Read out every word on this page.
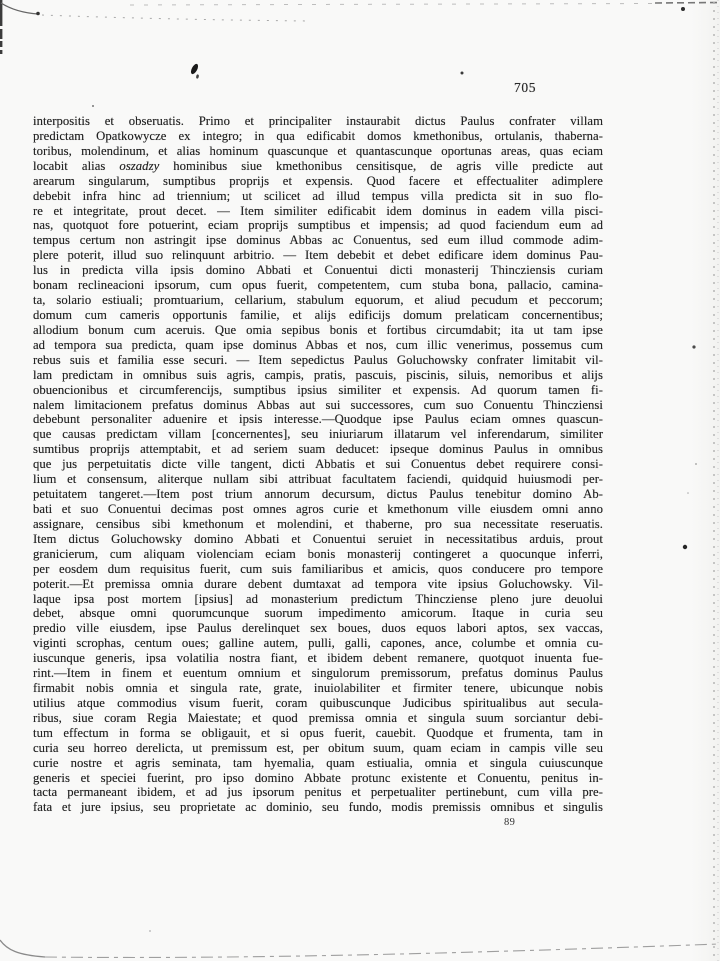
705
interpositis et obseruatis. Primo et principaliter instaurabit dictus Paulus confrater villam
predictam Opatkowycze ex integro; in qua edificabit domos kmethonibus, ortulanis, thaberna-
toribus, molendinum, et alias hominum quascunque et quantascunque oportunas areas, quas eciam
locabit alias oszadzy hominibus siue kmethonibus censitisque, de agris ville predicte aut
arearum singularum, sumptibus proprijs et expensis. Quod facere et effectualiter adimplere
debebit infra hinc ad triennium; ut scilicet ad illud tempus villa predicta sit in suo flo-
re et integritate, prout decet. — Item similiter edificabit idem dominus in eadem villa pisci-
nas, quotquot fore potuerint, eciam proprijs sumptibus et impensis; ad quod faciendum eum ad
tempus certum non astringit ipse dominus Abbas ac Conuentus, sed eum illud commode adim-
plere poterit, illud suo relinquunt arbitrio. — Item debebit et debet edificare idem dominus Pau-
lus in predicta villa ipsis domino Abbati et Conuentui dicti monasterij Thincziensis curiam
bonam reclineacioni ipsorum, cum opus fuerit, competentem, cum stuba bona, pallacio, camina-
ta, solario estiuali; promtuarium, cellarium, stabulum equorum, et aliud pecudum et peccorum;
domum cum cameris opportunis familie, et alijs edificijs domum prelaticam concernentibus;
allodium bonum cum aceruis. Que omia sepibus bonis et fortibus circumdabit; ita ut tam ipse
ad tempora sua predicta, quam ipse dominus Abbas et nos, cum illic venerimus, possemus cum
rebus suis et familia esse securi. — Item sepedictus Paulus Goluchowsky confrater limitabit vil-
lam predictam in omnibus suis agris, campis, pratis, pascuis, piscinis, siluis, nemoribus et alijs
obuencionibus et circumferencijs, sumptibus ipsius similiter et expensis. Ad quorum tamen fi-
nalem limitacionem prefatus dominus Abbas aut sui successores, cum suo Conuentu Thincziensi
debebunt personaliter aduenire et ipsis interesse.—Quodque ipse Paulus eciam omnes quascun-
que causas predictam villam [concernentes], seu iniuriarum illatarum vel inferendarum, similiter
sumtibus proprijs attemptabit, et ad seriem suam deducet: ipseque dominus Paulus in omnibus
que jus perpetuitatis dicte ville tangent, dicti Abbatis et sui Conuentus debet requirere consi-
lium et consensum, aliterque nullam sibi attribuat facultatem faciendi, quidquid huiusmodi per-
petuitatem tangeret.—Item post trium annorum decursum, dictus Paulus tenebitur domino Ab-
bati et suo Conuentui decimas post omnes agros curie et kmethonum ville eiusdem omni anno
assignare, censibus sibi kmethonum et molendini, et thaberne, pro sua necessitate reseruatis.
Item dictus Goluchowsky domino Abbati et Conuentui seruiet in necessitatibus arduis, prout
granicierum, cum aliquam violenciam eciam bonis monasterij contingeret a quocunque inferri,
per eosdem dum requisitus fuerit, cum suis familiaribus et amicis, quos conducere pro tempore
poterit.—Et premissa omnia durare debent dumtaxat ad tempora vite ipsius Goluchowsky. Vil-
laque ipsa post mortem [ipsius] ad monasterium predictum Thincziense pleno jure deuolui
debet, absque omni quorumcunque suorum impedimento amicorum. Itaque in curia seu
predio ville eiusdem, ipse Paulus derelinquet sex boues, duos equos labori aptos, sex vaccas,
viginti scrophas, centum oues; galline autem, pulli, galli, capones, ance, columbe et omnia cu-
iuscunque generis, ipsa volatilia nostra fiant, et ibidem debent remanere, quotquot inuenta fue-
rint.—Item in finem et euentum omnium et singulorum premissorum, prefatus dominus Paulus
firmabit nobis omnia et singula rate, grate, inuiolabiliter et firmiter tenere, ubicunque nobis
utilius atque commodius visum fuerit, coram quibuscunque Judicibus spiritualibus aut secula-
ribus, siue coram Regia Maiestate; et quod premissa omnia et singula suum sorciantur debi-
tum effectum in forma se obligauit, et si opus fuerit, cauebit. Quodque et frumenta, tam in
curia seu horreo derelicta, ut premissum est, per obitum suum, quam eciam in campis ville seu
curie nostre et agris seminata, tam hyemalia, quam estiualia, omnia et singula cuiuscunque
generis et speciei fuerint, pro ipso domino Abbate protunc existente et Conuentu, penitus in-
tacta permaneant ibidem, et ad jus ipsorum penitus et perpetualiter pertinebunt, cum villa pre-
fata et jure ipsius, seu proprietate ac dominio, seu fundo, modis premissis omnibus et singulis
89
